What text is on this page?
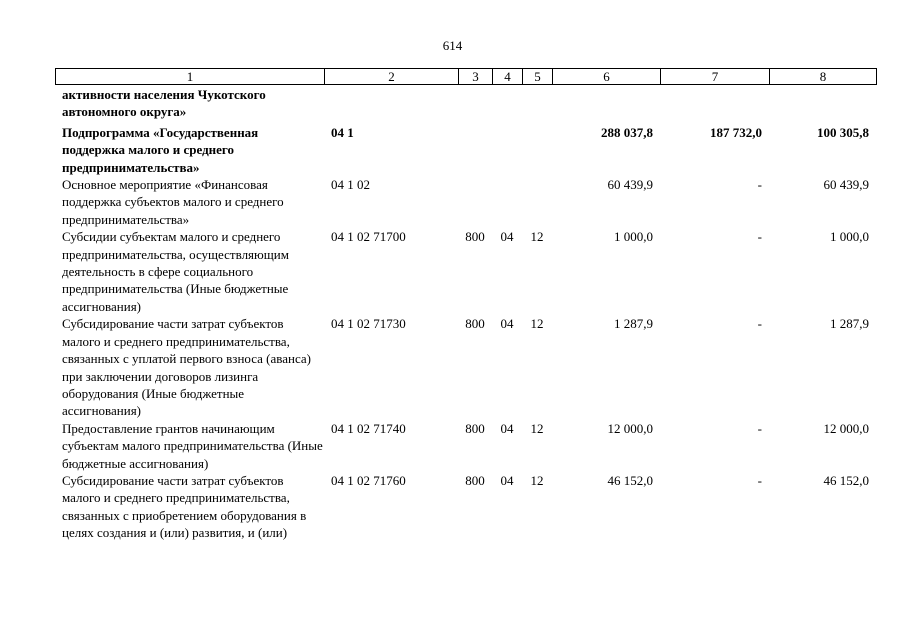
614
1	2	3	4	5	6	7	8
активности населения Чукотского автономного округа»							
Подпрограмма «Государственная поддержка малого и среднего предпринимательства»	04 1				288 037,8	187 732,0	100 305,8
Основное мероприятие «Финансовая поддержка субъектов малого и среднего предпринимательства»	04 1 02				60 439,9	-	60 439,9
Субсидии субъектам малого и среднего предпринимательства, осуществляющим деятельность в сфере социального предпринимательства (Иные бюджетные ассигнования)	04 1 02 71700	800	04	12	1 000,0	-	1 000,0
Субсидирование части затрат субъектов малого и среднего предпринимательства, связанных с уплатой первого взноса (аванса) при заключении договоров лизинга оборудования (Иные бюджетные ассигнования)	04 1 02 71730	800	04	12	1 287,9	-	1 287,9
Предоставление грантов начинающим субъектам малого предпринимательства (Иные бюджетные ассигнования)	04 1 02 71740	800	04	12	12 000,0	-	12 000,0
Субсидирование части затрат субъектов малого и среднего предпринимательства, связанных с приобретением оборудования в целях создания и (или) развития, и (или)	04 1 02 71760	800	04	12	46 152,0	-	46 152,0
